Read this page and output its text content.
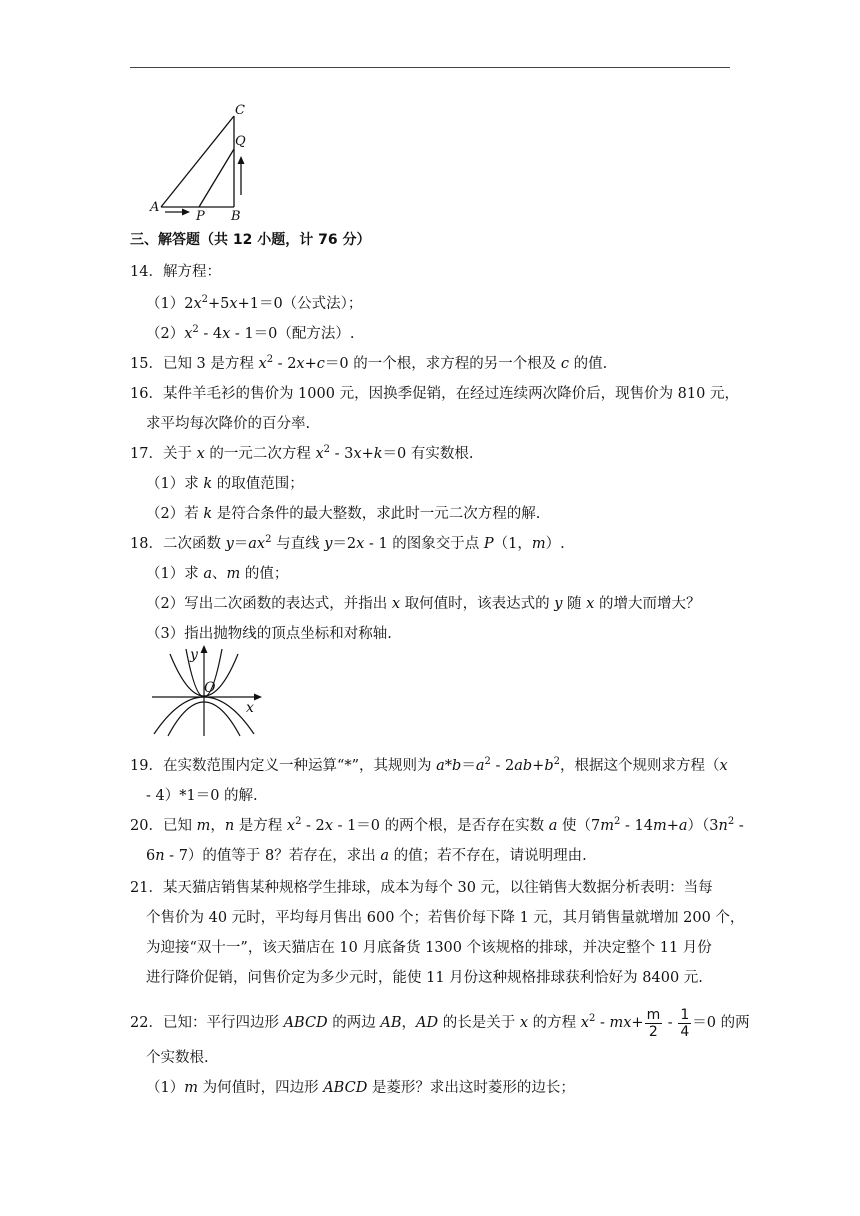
C
Q
A
P B
三、解答题（共 12 小题，计 76 分）
14．解方程：
$(1)2x^2+5x+1=0$（公式法）；
$(2)x^2$ ‐ 4x ‐ 1＝0（配方法）.
15．已知 3 是方程 $x^2$ ‐ 2x+c＝0 的一个根，求方程的另一个根及 c 的值.
16．某件羊毛衫的售价为 1000 元，因换季促销，在经过连续两次降价后，现售价为 810 元，
求平均每次降价的百分率.
17．关于 x 的一元二次方程 $x^2$ ‐ 3x+k＝0 有实数根.
（1）求 k 的取值范围；
（2）若 k 是符合条件的最大整数，求此时一元二次方程的解.
18．二次函数 $y=ax^2$ 与直线 y＝2x ‐ 1 的图象交于点 P（1，m）.
（1）求 a、m 的值；
（2）写出二次函数的表达式，并指出 x 取何值时，该表达式的 y 随 x 的增大而增大？
（3）指出抛物线的顶点坐标和对称轴.
y
O
x
19．在实数范围内定义一种运算“*”，其规则为 $a*b=a^2$ ‐ $2ab+b^2$，根据这个规则求方程（x
‐ 4）*1＝0 的解.
20．已知 m，n 是方程 $x^2$ ‐ 2x ‐ 1＝0 的两个根，是否存在实数 a 使（$7m^2$ ‐ $14m+a)(3n^2$ ‐
6n ‐ 7）的值等于 8？若存在，求出 a 的值；若不存在，请说明理由.
21．某天猫店销售某种规格学生排球，成本为每个 30 元，以往销售大数据分析表明：当每
个售价为 40 元时，平均每月售出 600 个；若售价每下降 1 元，其月销售量就增加 200 个，
为迎接“双十一”，该天猫店在 10 月底备货 1300 个该规格的排球，并决定整个 11 月份
进行降价促销，问售价定为多少元时，能使 11 月份这种规格排球获利恰好为 8400 元.
22．已知：平行四边形 ABCD 的两边 AB，AD 的长是关于 x 的方程 $x^2$ ‐ $mx+ \frac{m}{2}$ ‐ $\frac{1}{4} =0$ 的两
个实数根.
（1）m 为何值时，四边形 ABCD 是菱形？求出这时菱形的边长；
